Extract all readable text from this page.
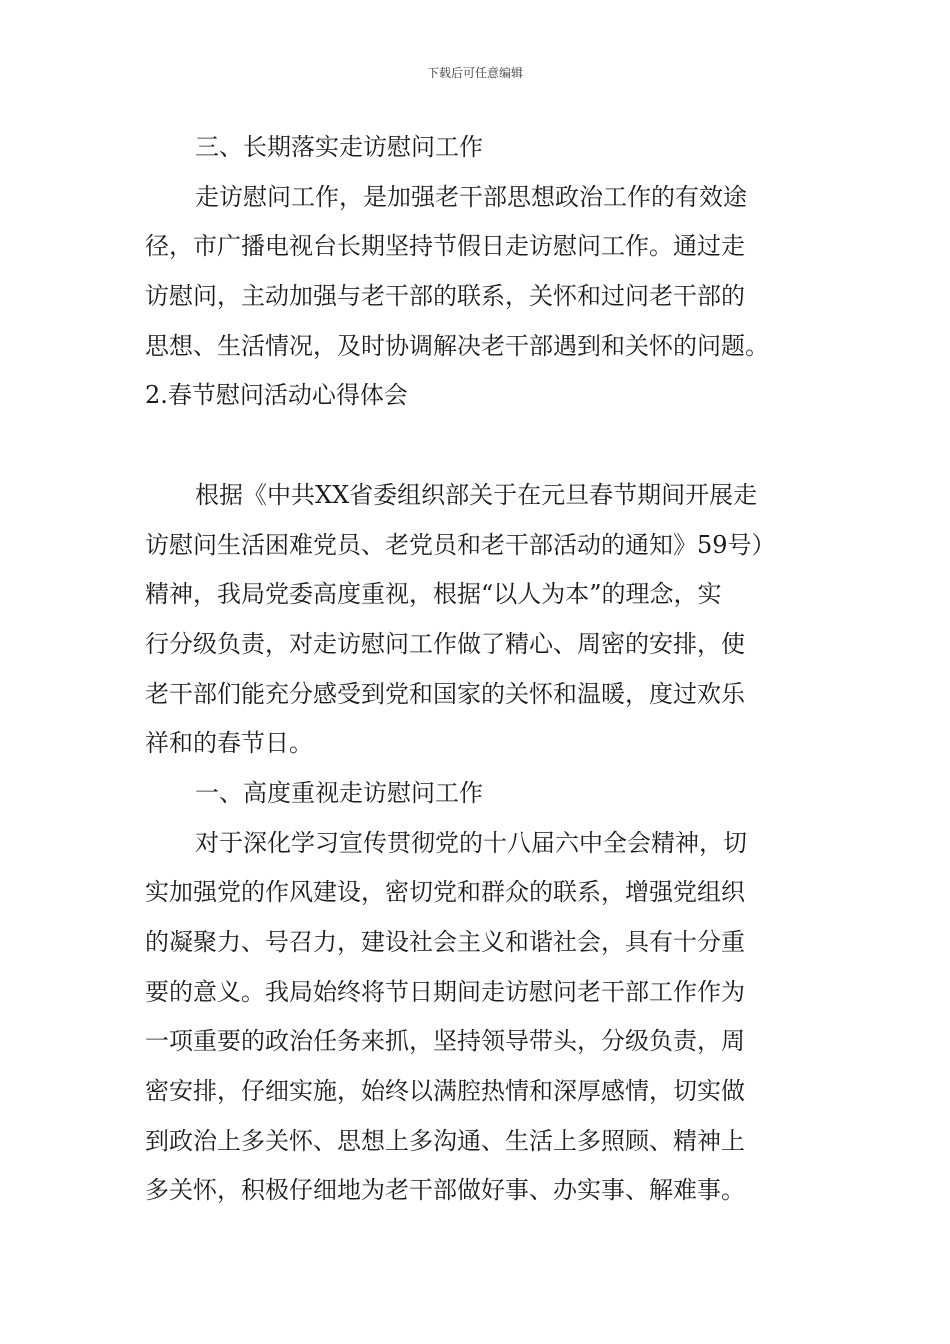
下载后可任意编辑
三、长期落实走访慰问工作
走访慰问工作，是加强老干部思想政治工作的有效途
径，市广播电视台长期坚持节假日走访慰问工作。通过走
访慰问，主动加强与老干部的联系，关怀和过问老干部的
思想、生活情况，及时协调解决老干部遇到和关怀的问题。
2.春节慰问活动心得体会
根据《中共XX省委组织部关于在元旦春节期间开展走
访慰问生活困难党员、老党员和老干部活动的通知》59号）
精神，我局党委高度重视，根据“以人为本”的理念，实
行分级负责，对走访慰问工作做了精心、周密的安排，使
老干部们能充分感受到党和国家的关怀和温暖，度过欢乐
祥和的春节日。
一、高度重视走访慰问工作
对于深化学习宣传贯彻党的十八届六中全会精神，切
实加强党的作风建设，密切党和群众的联系，增强党组织
的凝聚力、号召力，建设社会主义和谐社会，具有十分重
要的意义。我局始终将节日期间走访慰问老干部工作作为
一项重要的政治任务来抓，坚持领导带头，分级负责，周
密安排，仔细实施，始终以满腔热情和深厚感情，切实做
到政治上多关怀、思想上多沟通、生活上多照顾、精神上
多关怀，积极仔细地为老干部做好事、办实事、解难事。
